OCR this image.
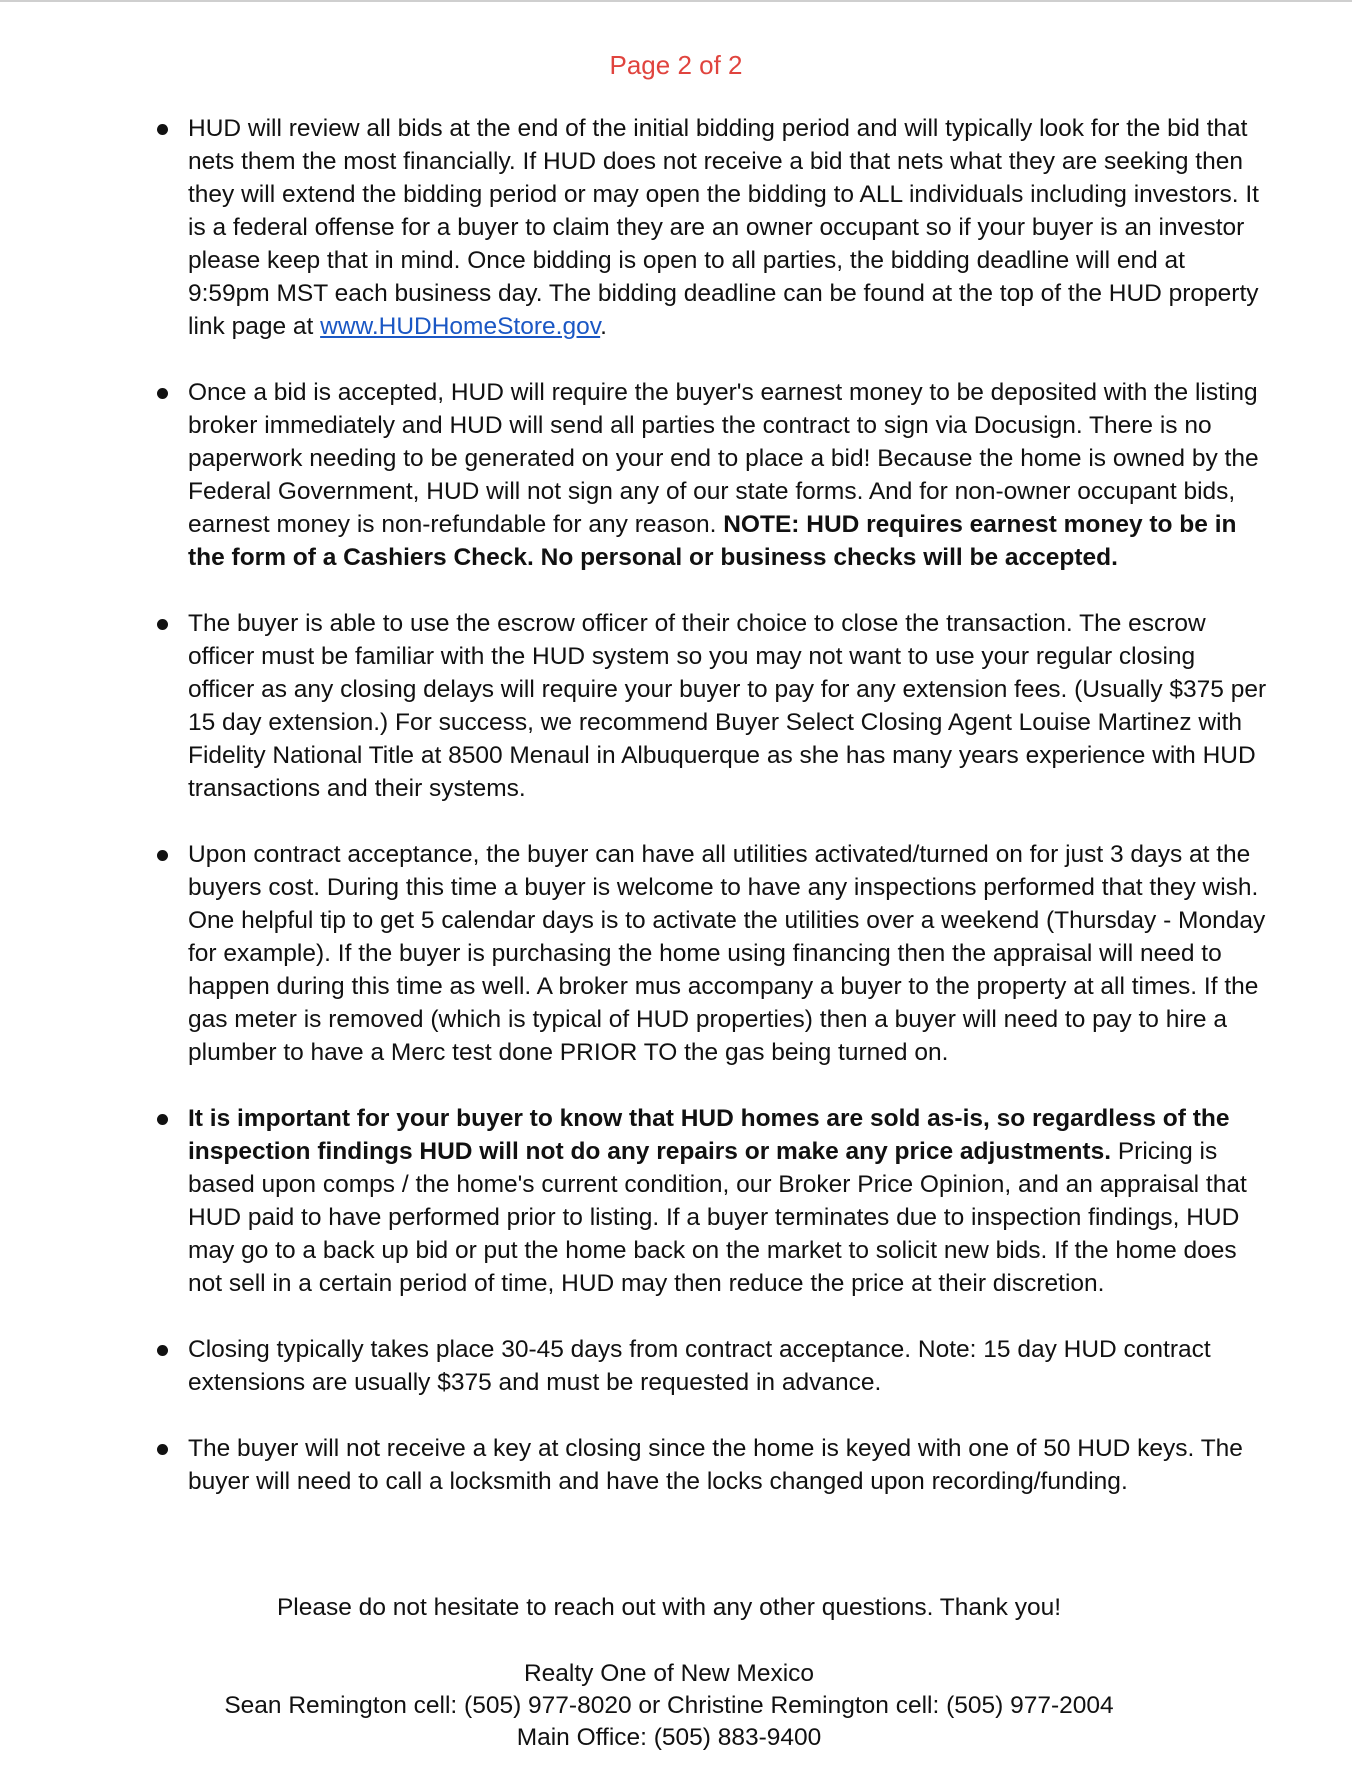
Page 2 of 2
HUD will review all bids at the end of the initial bidding period and will typically look for the bid that nets them the most financially. If HUD does not receive a bid that nets what they are seeking then they will extend the bidding period or may open the bidding to ALL individuals including investors. It is a federal offense for a buyer to claim they are an owner occupant so if your buyer is an investor please keep that in mind. Once bidding is open to all parties, the bidding deadline will end at 9:59pm MST each business day. The bidding deadline can be found at the top of the HUD property link page at www.HUDHomeStore.gov.
Once a bid is accepted, HUD will require the buyer's earnest money to be deposited with the listing broker immediately and HUD will send all parties the contract to sign via Docusign. There is no paperwork needing to be generated on your end to place a bid! Because the home is owned by the Federal Government, HUD will not sign any of our state forms. And for non-owner occupant bids, earnest money is non-refundable for any reason. NOTE: HUD requires earnest money to be in the form of a Cashiers Check. No personal or business checks will be accepted.
The buyer is able to use the escrow officer of their choice to close the transaction. The escrow officer must be familiar with the HUD system so you may not want to use your regular closing officer as any closing delays will require your buyer to pay for any extension fees. (Usually $375 per 15 day extension.) For success, we recommend Buyer Select Closing Agent Louise Martinez with Fidelity National Title at 8500 Menaul in Albuquerque as she has many years experience with HUD transactions and their systems.
Upon contract acceptance, the buyer can have all utilities activated/turned on for just 3 days at the buyers cost. During this time a buyer is welcome to have any inspections performed that they wish. One helpful tip to get 5 calendar days is to activate the utilities over a weekend (Thursday - Monday for example). If the buyer is purchasing the home using financing then the appraisal will need to happen during this time as well. A broker mus accompany a buyer to the property at all times. If the gas meter is removed (which is typical of HUD properties) then a buyer will need to pay to hire a plumber to have a Merc test done PRIOR TO the gas being turned on.
It is important for your buyer to know that HUD homes are sold as-is, so regardless of the inspection findings HUD will not do any repairs or make any price adjustments. Pricing is based upon comps / the home's current condition, our Broker Price Opinion, and an appraisal that HUD paid to have performed prior to listing. If a buyer terminates due to inspection findings, HUD may go to a back up bid or put the home back on the market to solicit new bids. If the home does not sell in a certain period of time, HUD may then reduce the price at their discretion.
Closing typically takes place 30-45 days from contract acceptance. Note: 15 day HUD contract extensions are usually $375 and must be requested in advance.
The buyer will not receive a key at closing since the home is keyed with one of 50 HUD keys. The buyer will need to call a locksmith and have the locks changed upon recording/funding.
Please do not hesitate to reach out with any other questions. Thank you!
Realty One of New Mexico
Sean Remington cell: (505) 977-8020 or Christine Remington cell: (505) 977-2004
Main Office: (505) 883-9400
